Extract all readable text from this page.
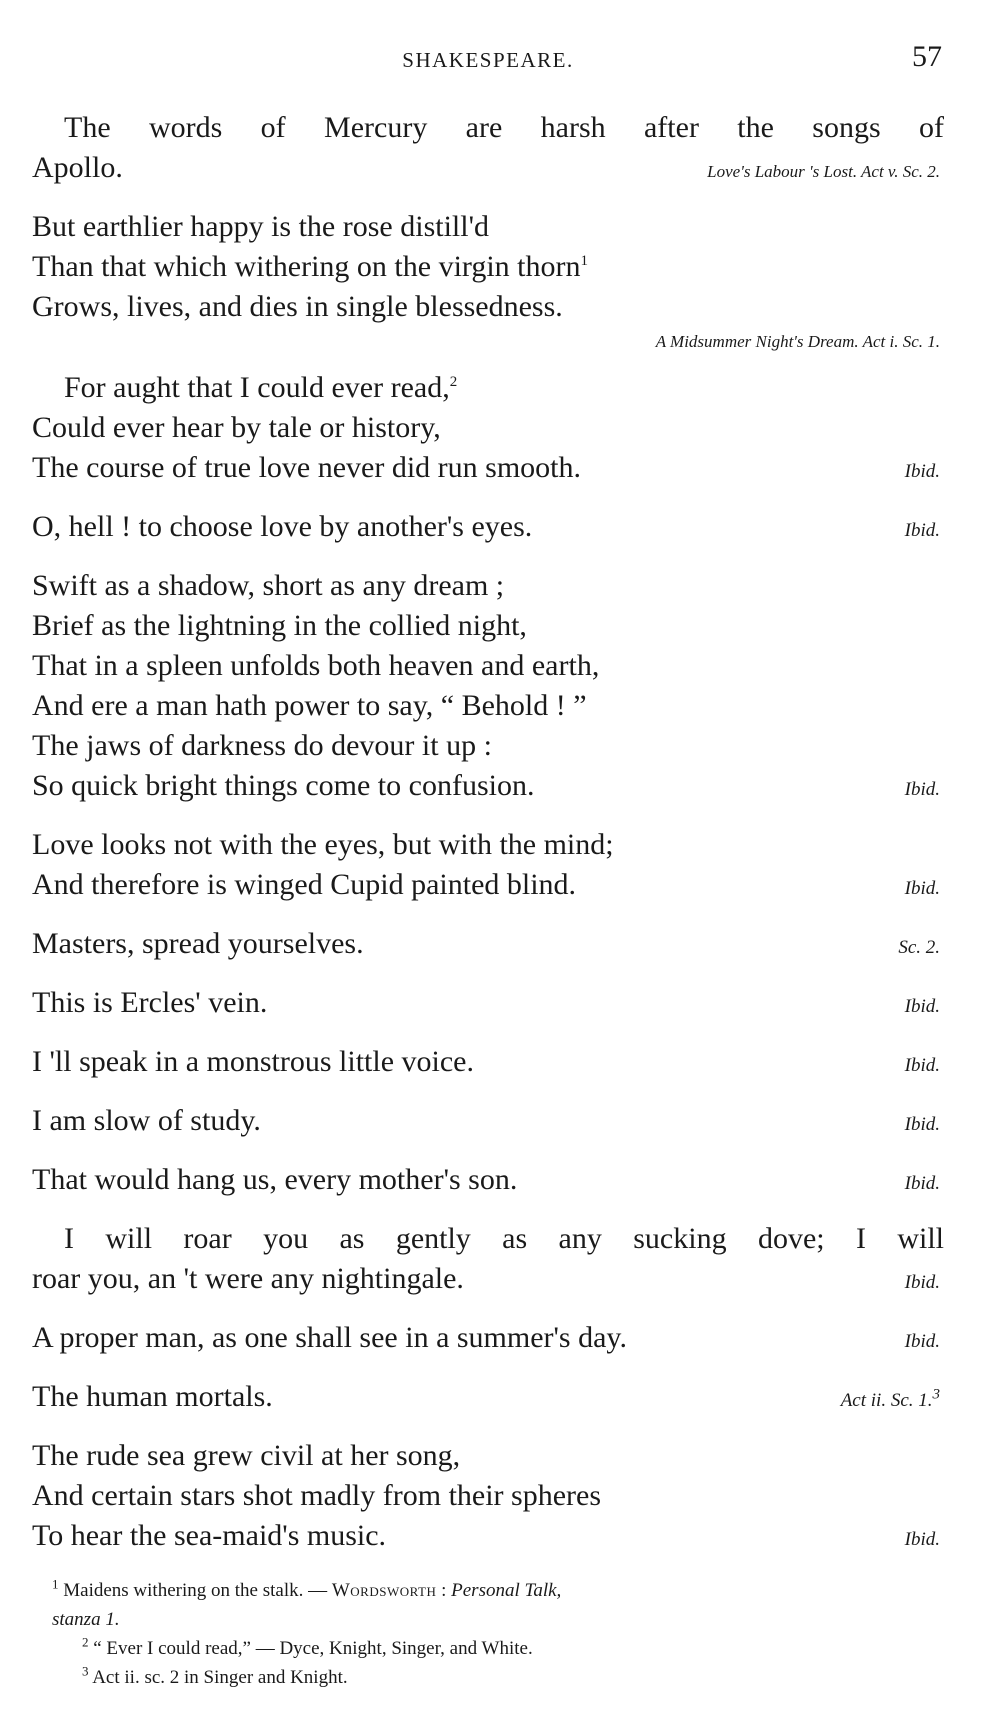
SHAKESPEARE.	57
The words of Mercury are harsh after the songs of
Apollo.	Love's Labour 's Lost. Act v. Sc. 2.
But earthlier happy is the rose distill'd
Than that which withering on the virgin thorn$^1$
Grows, lives, and dies in single blessedness.
A Midsummer Night's Dream. Act i. Sc. 1.
For aught that I could ever read,$^2$
Could ever hear by tale or history,
The course of true love never did run smooth.	Ibid.
O, hell ! to choose love by another's eyes.	Ibid.
Swift as a shadow, short as any dream ;
Brief as the lightning in the collied night,
That in a spleen unfolds both heaven and earth,
And ere a man hath power to say, “ Behold ! ”
The jaws of darkness do devour it up :
So quick bright things come to confusion.	Ibid.
Love looks not with the eyes, but with the mind;
And therefore is winged Cupid painted blind.	Ibid.
Masters, spread yourselves.	Sc. 2.
This is Ercles' vein.	Ibid.
I 'll speak in a monstrous little voice.	Ibid.
I am slow of study.	Ibid.
That would hang us, every mother's son.	Ibid.
I will roar you as gently as any sucking dove; I will
roar you, an 't were any nightingale.	Ibid.
A proper man, as one shall see in a summer's day.	Ibid.
The human mortals.	Act ii. Sc. 1.$^3$
The rude sea grew civil at her song,
And certain stars shot madly from their spheres
To hear the sea-maid's music.	Ibid.
$^1$ Maidens withering on the stalk. — Wordsworth : Personal Talk,
stanza 1.
$^2$ “ Ever I could read,” — Dyce, Knight, Singer, and White.
$^3$ Act ii. sc. 2 in Singer and Knight.
